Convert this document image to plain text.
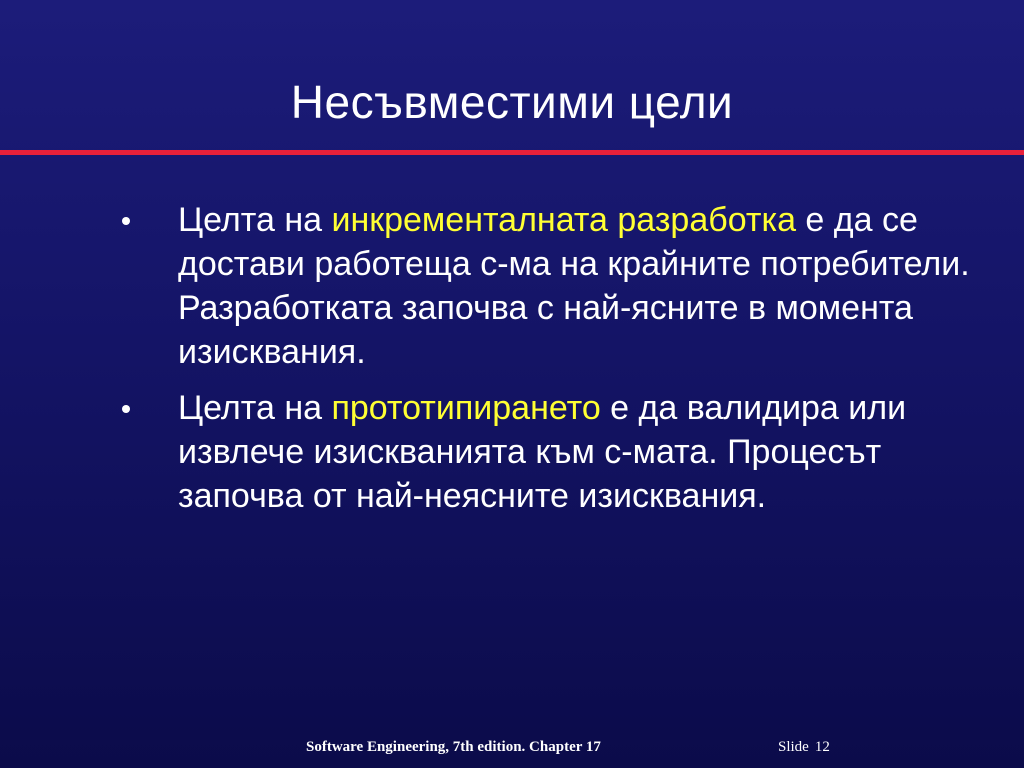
Несъвместими цели
Целта на инкременталната разработка е да се достави работеща с-ма на крайните потребители. Разработката започва с най-ясните в момента изисквания.
Целта на прототипирането е да валидира или извлече изискванията към с-мата. Процесът започва от най-неясните изисквания.
Software Engineering, 7th edition. Chapter 17	Slide 12
